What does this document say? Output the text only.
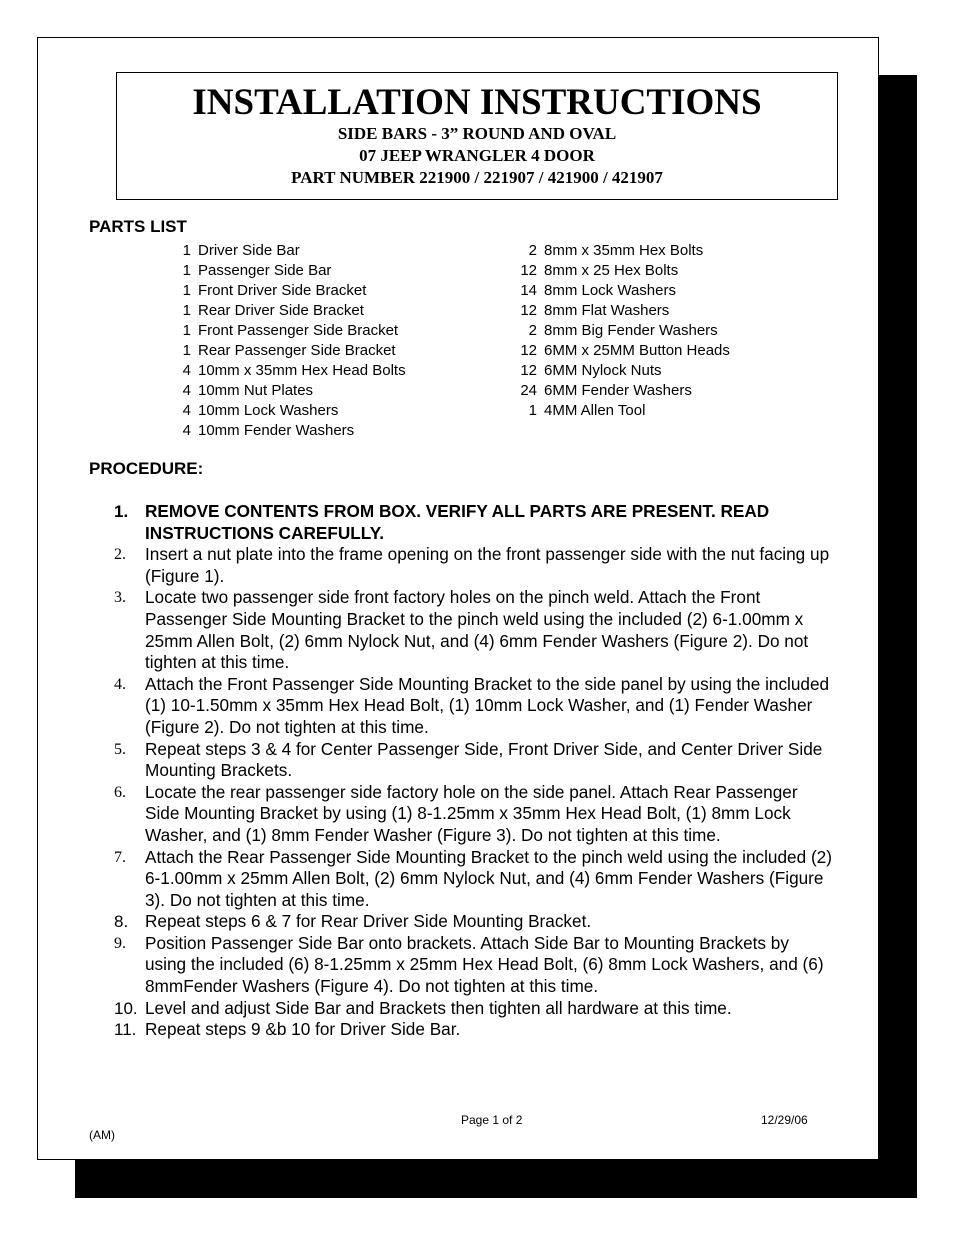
INSTALLATION INSTRUCTIONS
SIDE BARS - 3” ROUND AND OVAL
07 JEEP WRANGLER 4 DOOR
PART NUMBER 221900 / 221907 / 421900 / 421907
PARTS LIST
1 Driver Side Bar
1 Passenger Side Bar
1 Front Driver Side Bracket
1 Rear Driver Side Bracket
1 Front Passenger Side Bracket
1 Rear Passenger Side Bracket
4 10mm x 35mm Hex Head Bolts
4 10mm Nut Plates
4 10mm Lock Washers
4 10mm Fender Washers
2 8mm x 35mm Hex Bolts
12 8mm x 25 Hex Bolts
14 8mm Lock Washers
12 8mm Flat Washers
2 8mm Big Fender Washers
12 6MM x 25MM Button Heads
12 6MM Nylock Nuts
24 6MM Fender Washers
1 4MM Allen Tool
PROCEDURE:
1. REMOVE CONTENTS FROM BOX. VERIFY ALL PARTS ARE PRESENT. READ INSTRUCTIONS CAREFULLY.
2.	Insert a nut plate into the frame opening on the front passenger side with the nut facing up (Figure 1).
3.	Locate two passenger side front factory holes on the pinch weld. Attach the Front Passenger Side Mounting Bracket to the pinch weld using the included (2) 6-1.00mm x 25mm Allen Bolt, (2) 6mm Nylock Nut, and (4) 6mm Fender Washers (Figure 2). Do not tighten at this time.
4.	Attach the Front Passenger Side Mounting Bracket to the side panel by using the included (1) 10-1.50mm x 35mm Hex Head Bolt, (1) 10mm Lock Washer, and (1) Fender Washer (Figure 2). Do not tighten at this time.
5.	Repeat steps 3 & 4 for Center Passenger Side, Front Driver Side, and Center Driver Side Mounting Brackets.
6.	Locate the rear passenger side factory hole on the side panel. Attach Rear Passenger Side Mounting Bracket by using (1) 8-1.25mm x 35mm Hex Head Bolt, (1) 8mm Lock Washer, and (1) 8mm Fender Washer (Figure 3). Do not tighten at this time.
7.	Attach the Rear Passenger Side Mounting Bracket to the pinch weld using the included (2) 6-1.00mm x 25mm Allen Bolt, (2) 6mm Nylock Nut, and (4) 6mm Fender Washers (Figure 3). Do not tighten at this time.
8. Repeat steps 6 & 7 for Rear Driver Side Mounting Bracket.
9.	Position Passenger Side Bar onto brackets. Attach Side Bar to Mounting Brackets by using the included (6) 8-1.25mm x 25mm Hex Head Bolt, (6) 8mm Lock Washers, and (6) 8mmFender Washers (Figure 4). Do not tighten at this time.
10. Level and adjust Side Bar and Brackets then tighten all hardware at this time.
11. Repeat steps 9 &b 10 for Driver Side Bar.
Page 1 of 2	12/29/06
(AM)
